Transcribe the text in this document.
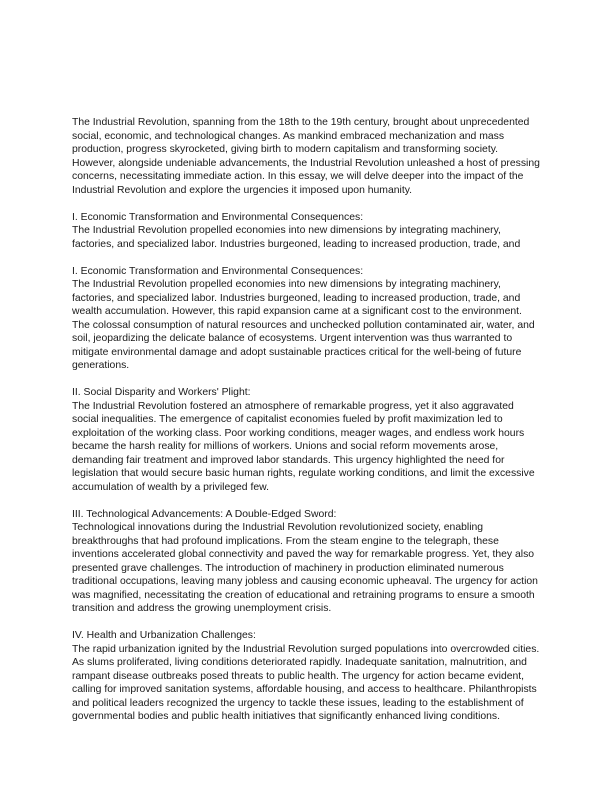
The Industrial Revolution, spanning from the 18th to the 19th century, brought about unprecedented social, economic, and technological changes. As mankind embraced mechanization and mass production, progress skyrocketed, giving birth to modern capitalism and transforming society. However, alongside undeniable advancements, the Industrial Revolution unleashed a host of pressing concerns, necessitating immediate action. In this essay, we will delve deeper into the impact of the Industrial Revolution and explore the urgencies it imposed upon humanity.

I. Economic Transformation and Environmental Consequences:

The Industrial Revolution propelled economies into new dimensions by integrating machinery, factories, and specialized labor. Industries burgeoned, leading to increased production, trade, and

I. Economic Transformation and Environmental Consequences:

The Industrial Revolution propelled economies into new dimensions by integrating machinery, factories, and specialized labor. Industries burgeoned, leading to increased production, trade, and wealth accumulation. However, this rapid expansion came at a significant cost to the environment. The colossal consumption of natural resources and unchecked pollution contaminated air, water, and soil, jeopardizing the delicate balance of ecosystems. Urgent intervention was thus warranted to mitigate environmental damage and adopt sustainable practices critical for the well-being of future generations.

II. Social Disparity and Workers' Plight:

The Industrial Revolution fostered an atmosphere of remarkable progress, yet it also aggravated social inequalities. The emergence of capitalist economies fueled by profit maximization led to exploitation of the working class. Poor working conditions, meager wages, and endless work hours became the harsh reality for millions of workers. Unions and social reform movements arose, demanding fair treatment and improved labor standards. This urgency highlighted the need for legislation that would secure basic human rights, regulate working conditions, and limit the excessive accumulation of wealth by a privileged few.

III. Technological Advancements: A Double-Edged Sword:

Technological innovations during the Industrial Revolution revolutionized society, enabling breakthroughs that had profound implications. From the steam engine to the telegraph, these inventions accelerated global connectivity and paved the way for remarkable progress. Yet, they also presented grave challenges. The introduction of machinery in production eliminated numerous traditional occupations, leaving many jobless and causing economic upheaval. The urgency for action was magnified, necessitating the creation of educational and retraining programs to ensure a smooth transition and address the growing unemployment crisis.

IV. Health and Urbanization Challenges:

The rapid urbanization ignited by the Industrial Revolution surged populations into overcrowded cities. As slums proliferated, living conditions deteriorated rapidly. Inadequate sanitation, malnutrition, and rampant disease outbreaks posed threats to public health. The urgency for action became evident, calling for improved sanitation systems, affordable housing, and access to healthcare. Philanthropists and political leaders recognized the urgency to tackle these issues, leading to the establishment of governmental bodies and public health initiatives that significantly enhanced living conditions.
